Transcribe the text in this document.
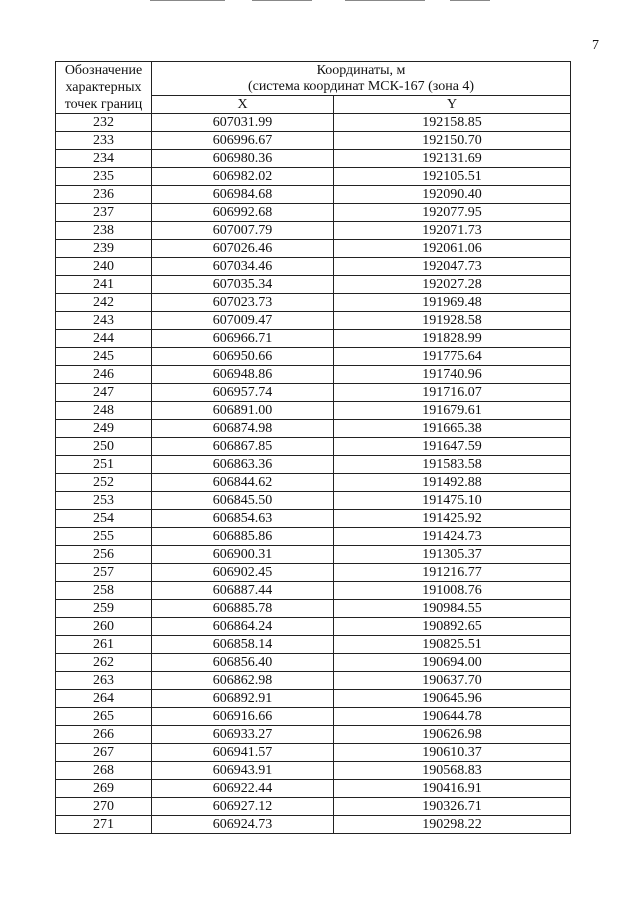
7
Обозначение
характерных
точек границ	Координаты, м
(система координат МСК-167 (зона 4)	

	X	Y
232	607031.99	192158.85
233	606996.67	192150.70
234	606980.36	192131.69
235	606982.02	192105.51
236	606984.68	192090.40
237	606992.68	192077.95
238	607007.79	192071.73
239	607026.46	192061.06
240	607034.46	192047.73
241	607035.34	192027.28
242	607023.73	191969.48
243	607009.47	191928.58
244	606966.71	191828.99
245	606950.66	191775.64
246	606948.86	191740.96
247	606957.74	191716.07
248	606891.00	191679.61
249	606874.98	191665.38
250	606867.85	191647.59
251	606863.36	191583.58
252	606844.62	191492.88
253	606845.50	191475.10
254	606854.63	191425.92
255	606885.86	191424.73
256	606900.31	191305.37
257	606902.45	191216.77
258	606887.44	191008.76
259	606885.78	190984.55
260	606864.24	190892.65
261	606858.14	190825.51
262	606856.40	190694.00
263	606862.98	190637.70
264	606892.91	190645.96
265	606916.66	190644.78
266	606933.27	190626.98
267	606941.57	190610.37
268	606943.91	190568.83
269	606922.44	190416.91
270	606927.12	190326.71
271	606924.73	190298.22
